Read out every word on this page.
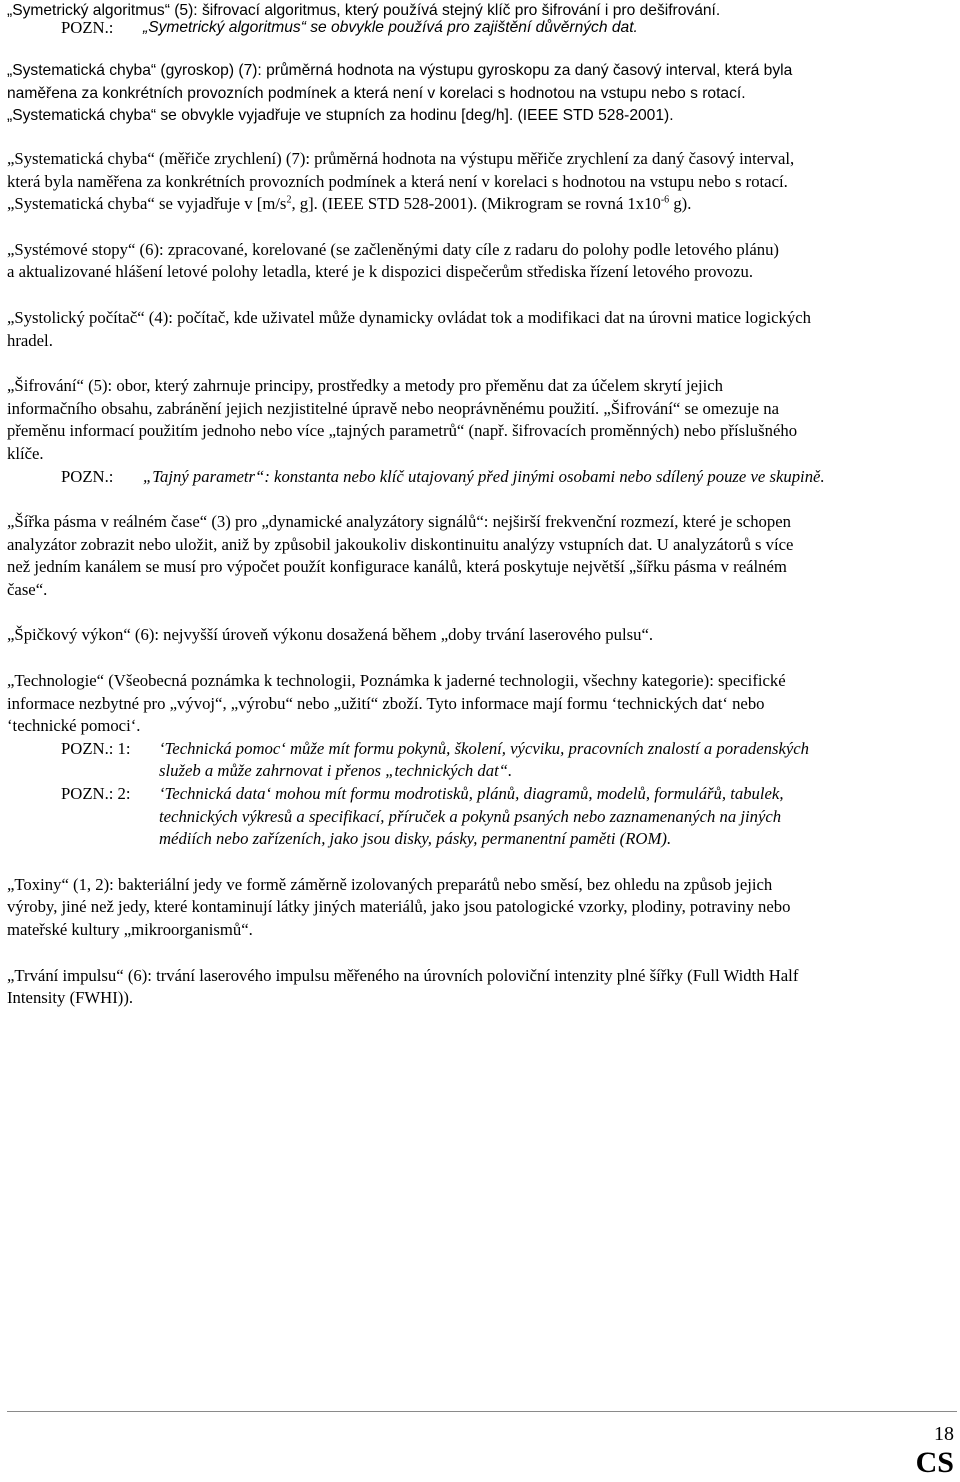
„Symetrický algoritmus“ (5): šifrovací algoritmus, který používá stejný klíč pro šifrování i pro dešifrování.

POZN.:	„Symetrický algoritmus“ se obvykle používá pro zajištění důvěrných dat.

„Systematická chyba“ (gyroskop) (7): průměrná hodnota na výstupu gyroskopu za daný časový interval, která byla

naměřena za konkrétních provozních podmínek a která není v korelaci s hodnotou na vstupu nebo s rotací.

„Systematická chyba“ se obvykle vyjadřuje ve stupních za hodinu [deg/h]. (IEEE STD 528-2001).

„Systematická chyba“ (měřiče zrychlení) (7): průměrná hodnota na výstupu měřiče zrychlení za daný časový interval,

která byla naměřena za konkrétních provozních podmínek a která není v korelaci s hodnotou na vstupu nebo s rotací.

„Systematická chyba“ se vyjadřuje v [$m/s^2$, g]. (IEEE STD 528-2001). (Mikrogram se rovná $1x10^{-6}$ g).

„Systémové stopy“ (6): zpracované, korelované (se začleněnými daty cíle z radaru do polohy podle letového plánu)

a aktualizované hlášení letové polohy letadla, které je k dispozici dispečerům střediska řízení letového provozu.

„Systolický počítač“ (4): počítač, kde uživatel může dynamicky ovládat tok a modifikaci dat na úrovni matice logických

hradel.

„Šifrování“ (5): obor, který zahrnuje principy, prostředky a metody pro přeměnu dat za účelem skrytí jejich

informačního obsahu, zabránění jejich nezjistitelné úpravě nebo neoprávněnému použití. „Šifrování“ se omezuje na

přeměnu informací použitím jednoho nebo více „tajných parametrů“ (např. šifrovacích proměnných) nebo příslušného

klíče.

POZN.:	„Tajný parametr“: konstanta nebo klíč utajovaný před jinými osobami nebo sdílený pouze ve skupině.

„Šířka pásma v reálném čase“ (3) pro „dynamické analyzátory signálů“: nejširší frekvenční rozmezí, které je schopen

analyzátor zobrazit nebo uložit, aniž by způsobil jakoukoliv diskontinuitu analýzy vstupních dat. U analyzátorů s více

než jedním kanálem se musí pro výpočet použít konfigurace kanálů, která poskytuje největší „šířku pásma v reálném

čase“.

„Špičkový výkon“ (6): nejvyšší úroveň výkonu dosažená během „doby trvání laserového pulsu“.

„Technologie“ (Všeobecná poznámka k technologii, Poznámka k jaderné technologii, všechny kategorie): specifické

informace nezbytné pro „vývoj“, „výrobu“ nebo „užití“ zboží. Tyto informace mají formu ‘technických dat‘ nebo

‘technické pomoci‘.

POZN.: 1:	‘Technická pomoc‘ může mít formu pokynů, školení, výcviku, pracovních znalostí a poradenských
služeb a může zahrnovat i přenos „technických dat“.
POZN.: 2:	‘Technická data‘ mohou mít formu modrotisků, plánů, diagramů, modelů, formulářů, tabulek,
technických výkresů a specifikací, příruček a pokynů psaných nebo zaznamenaných na jiných
médiích nebo zařízeních, jako jsou disky, pásky, permanentní paměti (ROM).

„Toxiny“ (1, 2): bakteriální jedy ve formě záměrně izolovaných preparátů nebo směsí, bez ohledu na způsob jejich

výroby, jiné než jedy, které kontaminují látky jiných materiálů, jako jsou patologické vzorky, plodiny, potraviny nebo

mateřské kultury „mikroorganismů“.

„Trvání impulsu“ (6): trvání laserového impulsu měřeného na úrovních poloviční intenzity plné šířky (Full Width Half

Intensity (FWHI)).

18
CS
